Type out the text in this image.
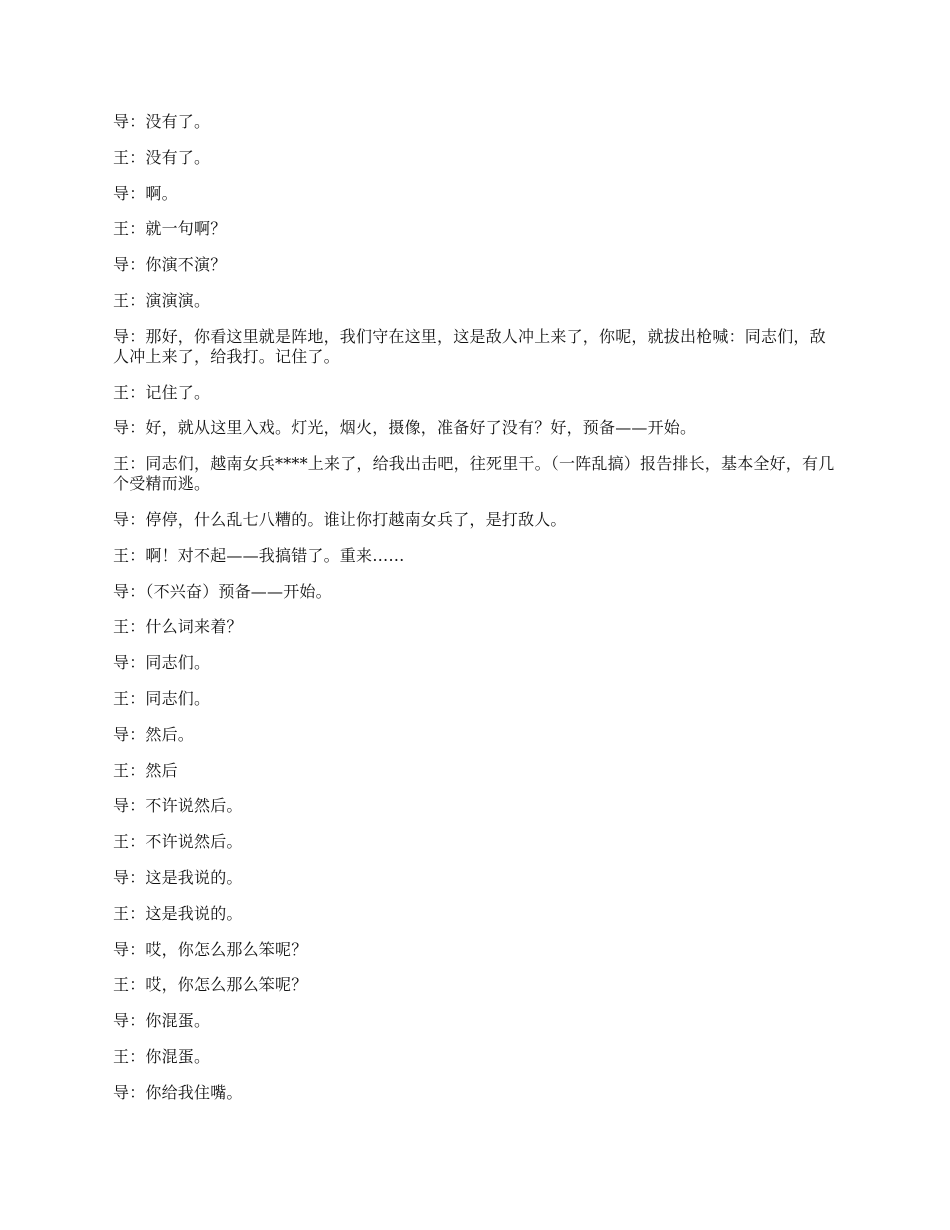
导：没有了。

王：没有了。

导：啊。

王：就一句啊？

导：你演不演？

王：演演演。

导：那好，你看这里就是阵地，我们守在这里，这是敌人冲上来了，你呢，就拔出枪喊：同志们，敌人冲上来了，给我打。记住了。

王：记住了。

导：好，就从这里入戏。灯光，烟火，摄像，准备好了没有？好，预备——开始。

王：同志们，越南女兵****上来了，给我出击吧，往死里干。（一阵乱搞）报告排长，基本全好，有几个受精而逃。

导：停停，什么乱七八糟的。谁让你打越南女兵了，是打敌人。

王：啊！对不起——我搞错了。重来……

导：（不兴奋）预备——开始。

王：什么词来着？

导：同志们。

王：同志们。

导：然后。

王：然后

导：不许说然后。

王：不许说然后。

导：这是我说的。

王：这是我说的。

导：哎，你怎么那么笨呢？

王：哎，你怎么那么笨呢？

导：你混蛋。

王：你混蛋。

导：你给我住嘴。
